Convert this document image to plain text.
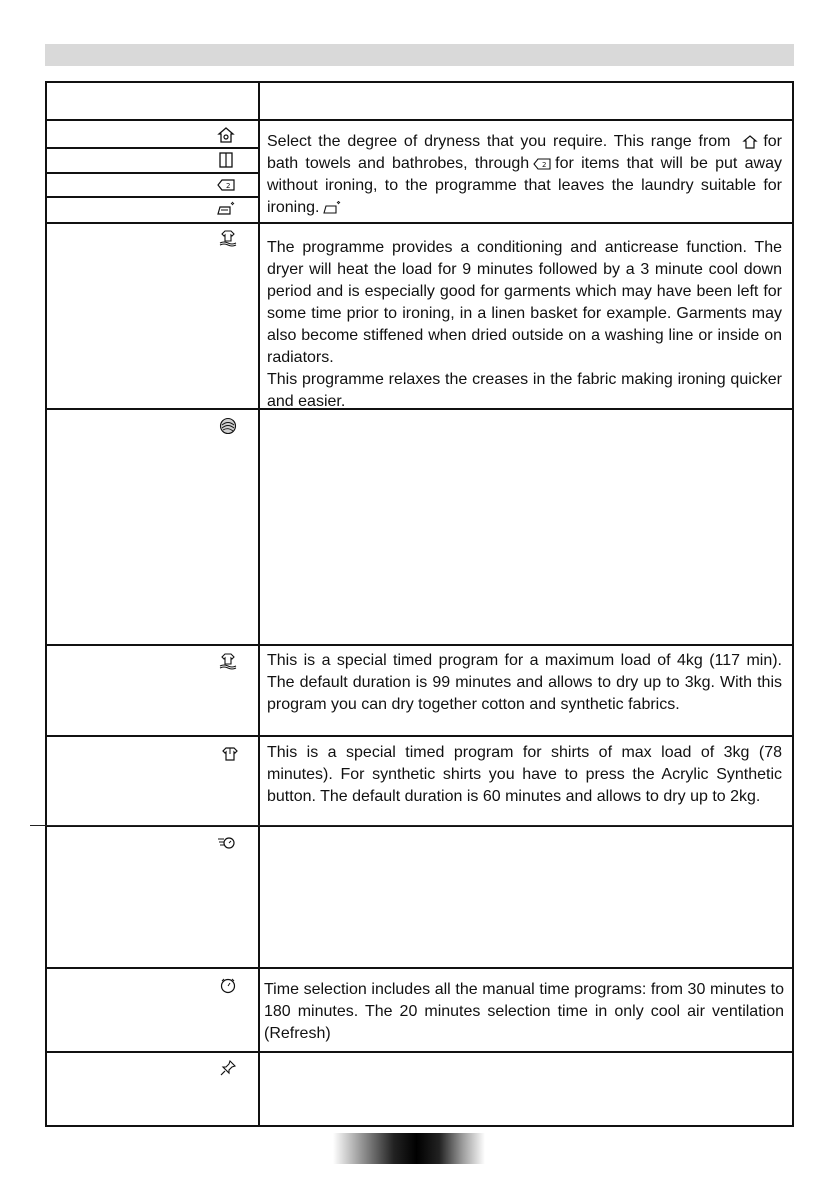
2

Select the degree of dryness that you require. This range from for bath towels and bathrobes, through 2 for items that will be put away without ironing, to the programme that leaves the laundry suitable for ironing.

The programme provides a conditioning and anticrease function. The dryer will heat the load for 9 minutes followed by a 3 minute cool down period and is especially good for garments which may have been left for some time prior to ironing, in a linen basket for example. Garments may also become stiffened when dried outside on a washing line or inside on radiators.
This programme relaxes the creases in the fabric making ironing quicker and easier.

This is a special timed program for a maximum load of 4kg (117 min). The default duration is 99 minutes and allows to dry up to 3kg. With this program you can dry together cotton and synthetic fabrics.

This is a special timed program for shirts of max load of 3kg (78 minutes). For synthetic shirts you have to press the Acrylic Synthetic button. The default duration is 60 minutes and allows to dry up to 2kg.

Time selection includes all the manual time programs: from 30 minutes to 180 minutes. The 20 minutes selection time in only cool air ventilation (Refresh)
